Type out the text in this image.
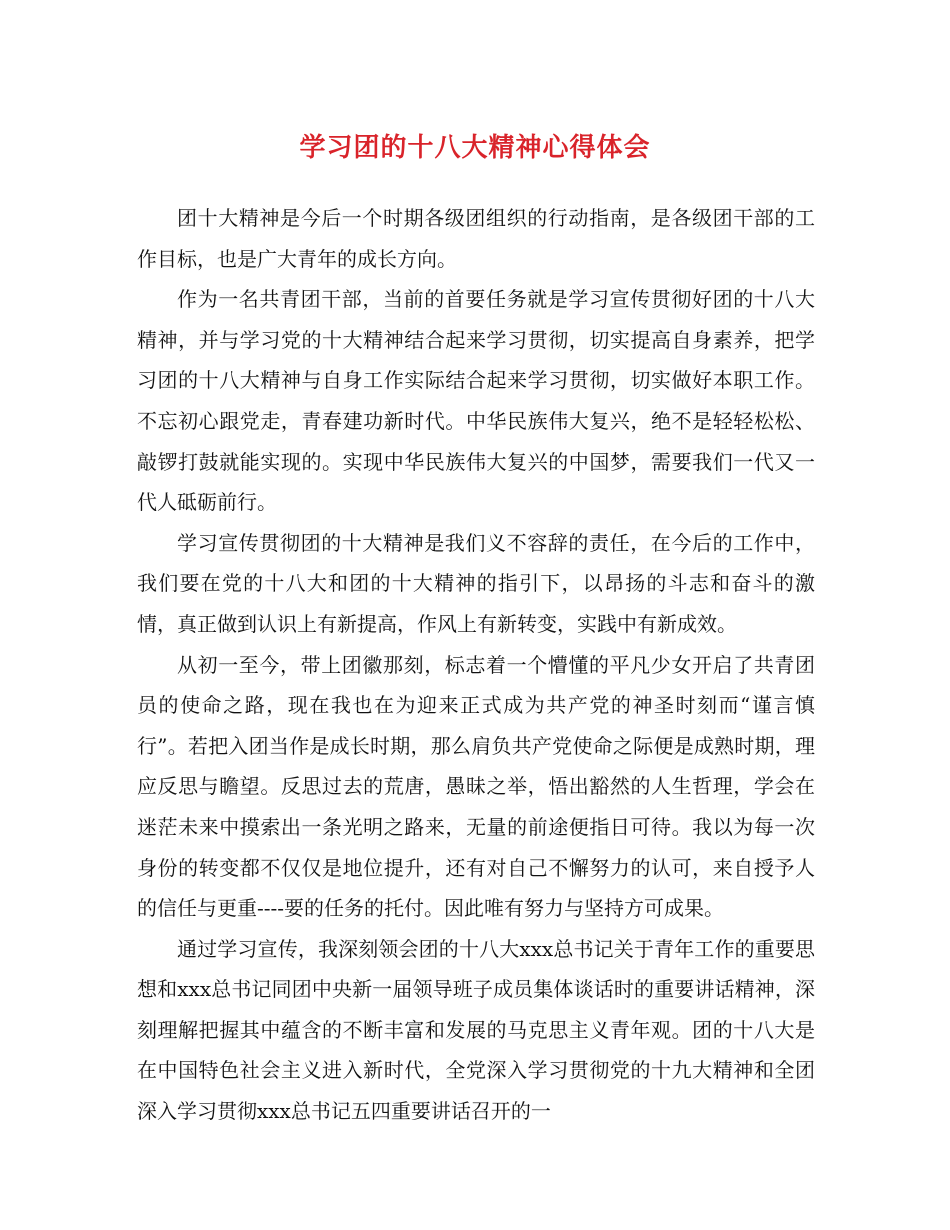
学习团的十八大精神心得体会

团十大精神是今后一个时期各级团组织的行动指南，是各级团干部的工作目标，也是广大青年的成长方向。

作为一名共青团干部，当前的首要任务就是学习宣传贯彻好团的十八大精神，并与学习党的十大精神结合起来学习贯彻，切实提高自身素养，把学习团的十八大精神与自身工作实际结合起来学习贯彻，切实做好本职工作。不忘初心跟党走，青春建功新时代。中华民族伟大复兴，绝不是轻轻松松、敲锣打鼓就能实现的。实现中华民族伟大复兴的中国梦，需要我们一代又一代人砥砺前行。

学习宣传贯彻团的十大精神是我们义不容辞的责任，在今后的工作中，我们要在党的十八大和团的十大精神的指引下，以昂扬的斗志和奋斗的激情，真正做到认识上有新提高，作风上有新转变，实践中有新成效。

从初一至今，带上团徽那刻，标志着一个懵懂的平凡少女开启了共青团员的使命之路，现在我也在为迎来正式成为共产党的神圣时刻而“谨言慎行”。若把入团当作是成长时期，那么肩负共产党使命之际便是成熟时期，理应反思与瞻望。反思过去的荒唐，愚昧之举，悟出豁然的人生哲理，学会在迷茫未来中摸索出一条光明之路来，无量的前途便指日可待。我以为每一次身份的转变都不仅仅是地位提升，还有对自己不懈努力的认可，来自授予人的信任与更重----要的任务的托付。因此唯有努力与坚持方可成果。

通过学习宣传，我深刻领会团的十八大xxx总书记关于青年工作的重要思想和xxx总书记同团中央新一届领导班子成员集体谈话时的重要讲话精神，深刻理解把握其中蕴含的不断丰富和发展的马克思主义青年观。团的十八大是在中国特色社会主义进入新时代，全党深入学习贯彻党的十九大精神和全团深入学习贯彻xxx总书记五四重要讲话召开的一
